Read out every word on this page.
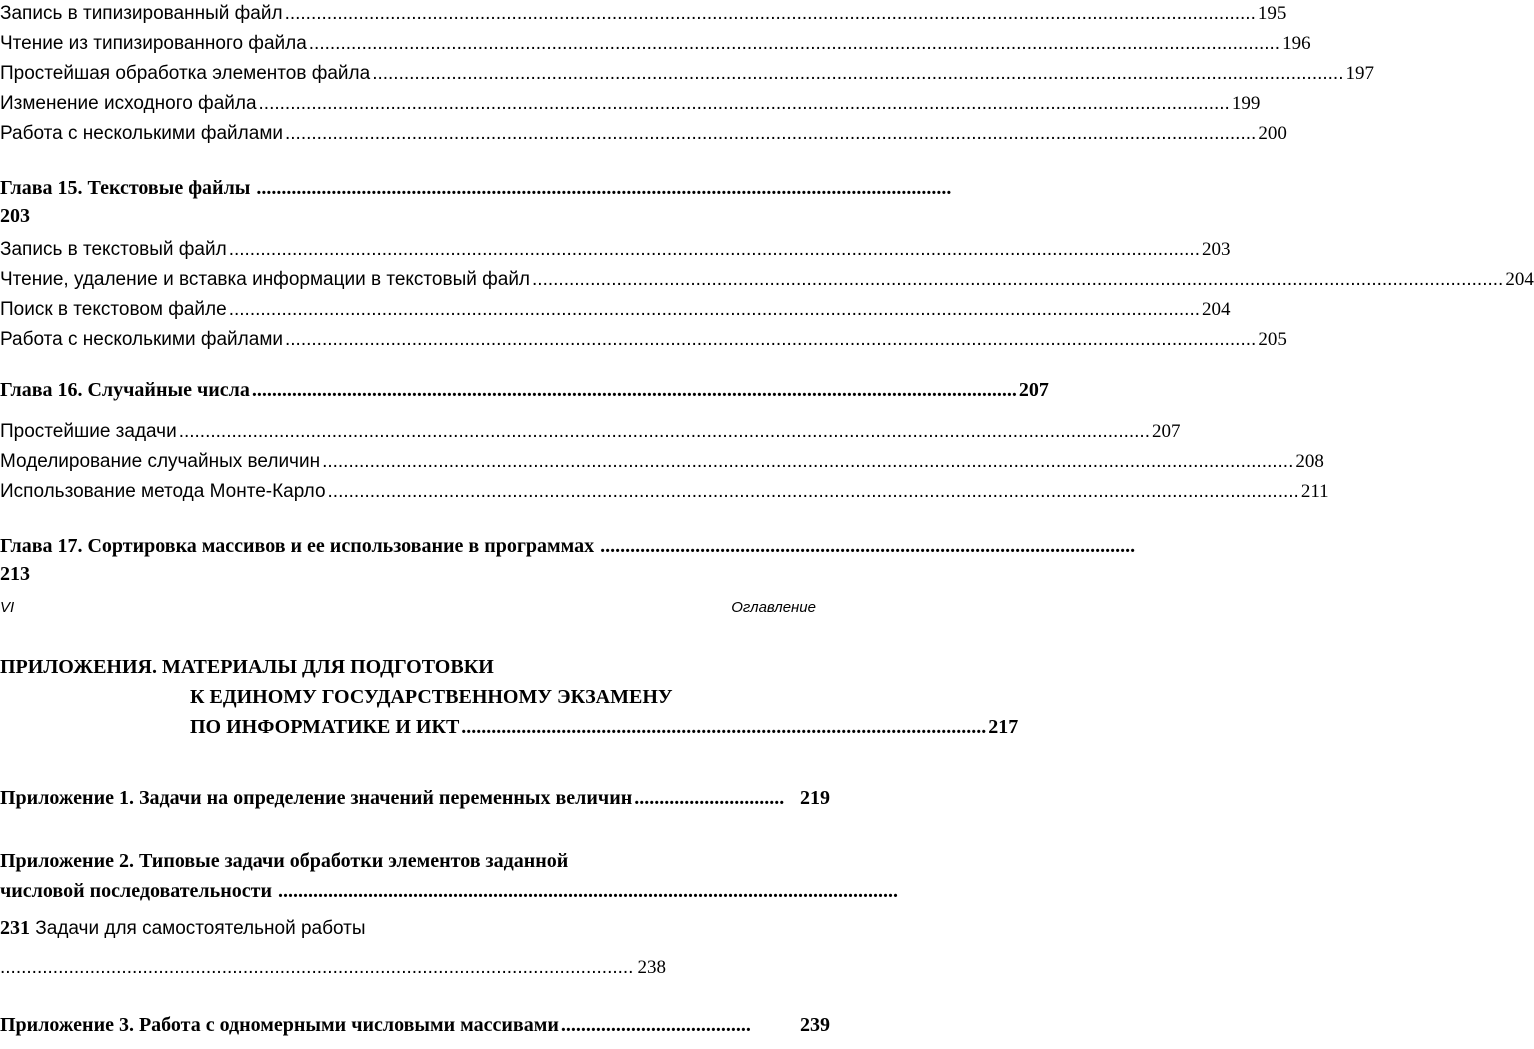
Запись в типизированный файл ........................................................................................................................................................................................ 195
Чтение из типизированного файла ........................................................................................................................................................................................ 196
Простейшая обработка элементов файла ........................................................................................................................................................................................ 197
Изменение исходного файла ........................................................................................................................................................................................ 199
Работа с несколькими файлами ........................................................................................................................................................................................ 200
Глава 15. Текстовые файлы ...........................................................................................................................................
203
Запись в текстовый файл ........................................................................................................................................................................................ 203
Чтение, удаление и вставка информации в текстовый файл ........................................................................................................................................................................................ 204
Поиск в текстовом файле ........................................................................................................................................................................................ 204
Работа с несколькими файлами ........................................................................................................................................................................................ 205
Глава 16. Случайные числа ......................................................................................................................................................... 207
Простейшие задачи ........................................................................................................................................................................................ 207
Моделирование случайных величин ........................................................................................................................................................................................ 208
Использование метода Монте-Карло ........................................................................................................................................................................................ 211
Глава 17. Сортировка массивов и ее использование в программах ...........................................................................................................
213
VI	Оглавление
ПРИЛОЖЕНИЯ. МАТЕРИАЛЫ ДЛЯ ПОДГОТОВКИ
К ЕДИНОМУ ГОСУДАРСТВЕННОМУ ЭКЗАМЕНУ
ПО ИНФОРМАТИКЕ И ИКТ ......................................................................................................... 217
Приложение 1. Задачи на определение значений переменных величин .............................. 219
Приложение 2. Типовые задачи обработки элементов заданной
числовой последовательности ............................................................................................................................
231 Задачи для самостоятельной работы
........................................................................................................................ 238
Приложение 3. Работа с одномерными числовыми массивами ......................................	239
